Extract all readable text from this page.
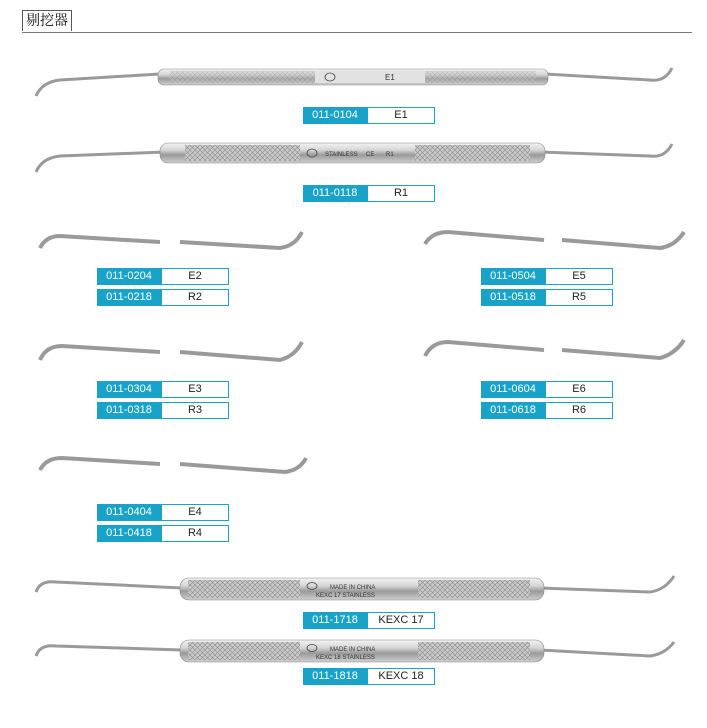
剔挖器
E1
STAINLESS CE R1
MADE IN CHINA
KEXC 17 STAINLESS
MADE IN CHINA
KEXC 18 STAINLESS
011-0104	E1
011-0118	R1
011-0204	E2
011-0218	R2
011-0504	E5
011-0518	R5
011-0304	E3
011-0318	R3
011-0604	E6
011-0618	R6
011-0404	E4
011-0418	R4
011-1718	KEXC 17
011-1818	KEXC 18
